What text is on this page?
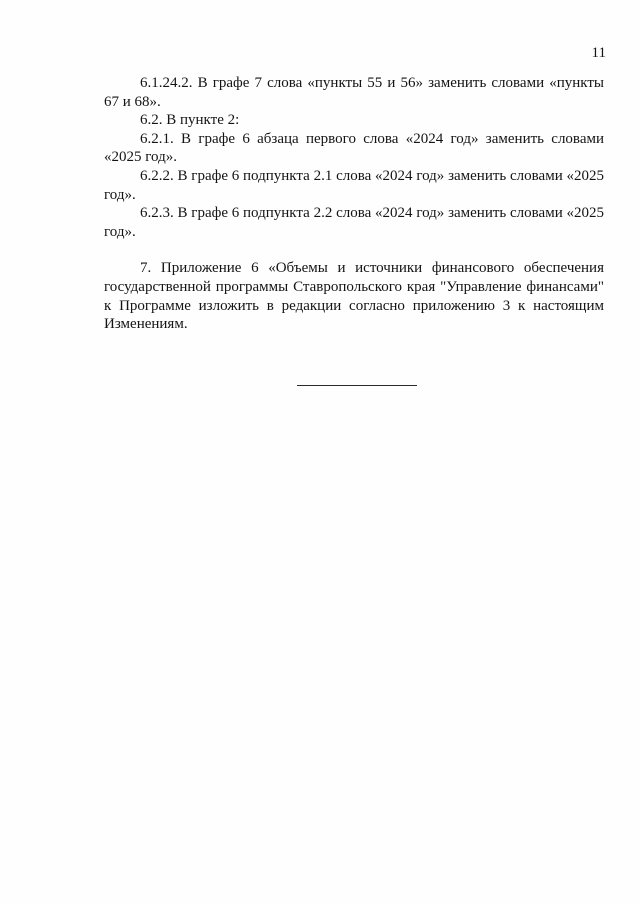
11

6.1.24.2. В графе 7 слова «пункты 55 и 56» заменить словами «пункты 67 и 68».

6.2. В пункте 2:

6.2.1. В графе 6 абзаца первого слова «2024 год» заменить словами «2025 год».

6.2.2. В графе 6 подпункта 2.1 слова «2024 год» заменить словами «2025 год».

6.2.3. В графе 6 подпункта 2.2 слова «2024 год» заменить словами «2025 год».

7. Приложение 6 «Объемы и источники финансового обеспечения государственной программы Ставропольского края "Управление финансами" к Программе изложить в редакции согласно приложению 3 к настоящим Изменениям.
